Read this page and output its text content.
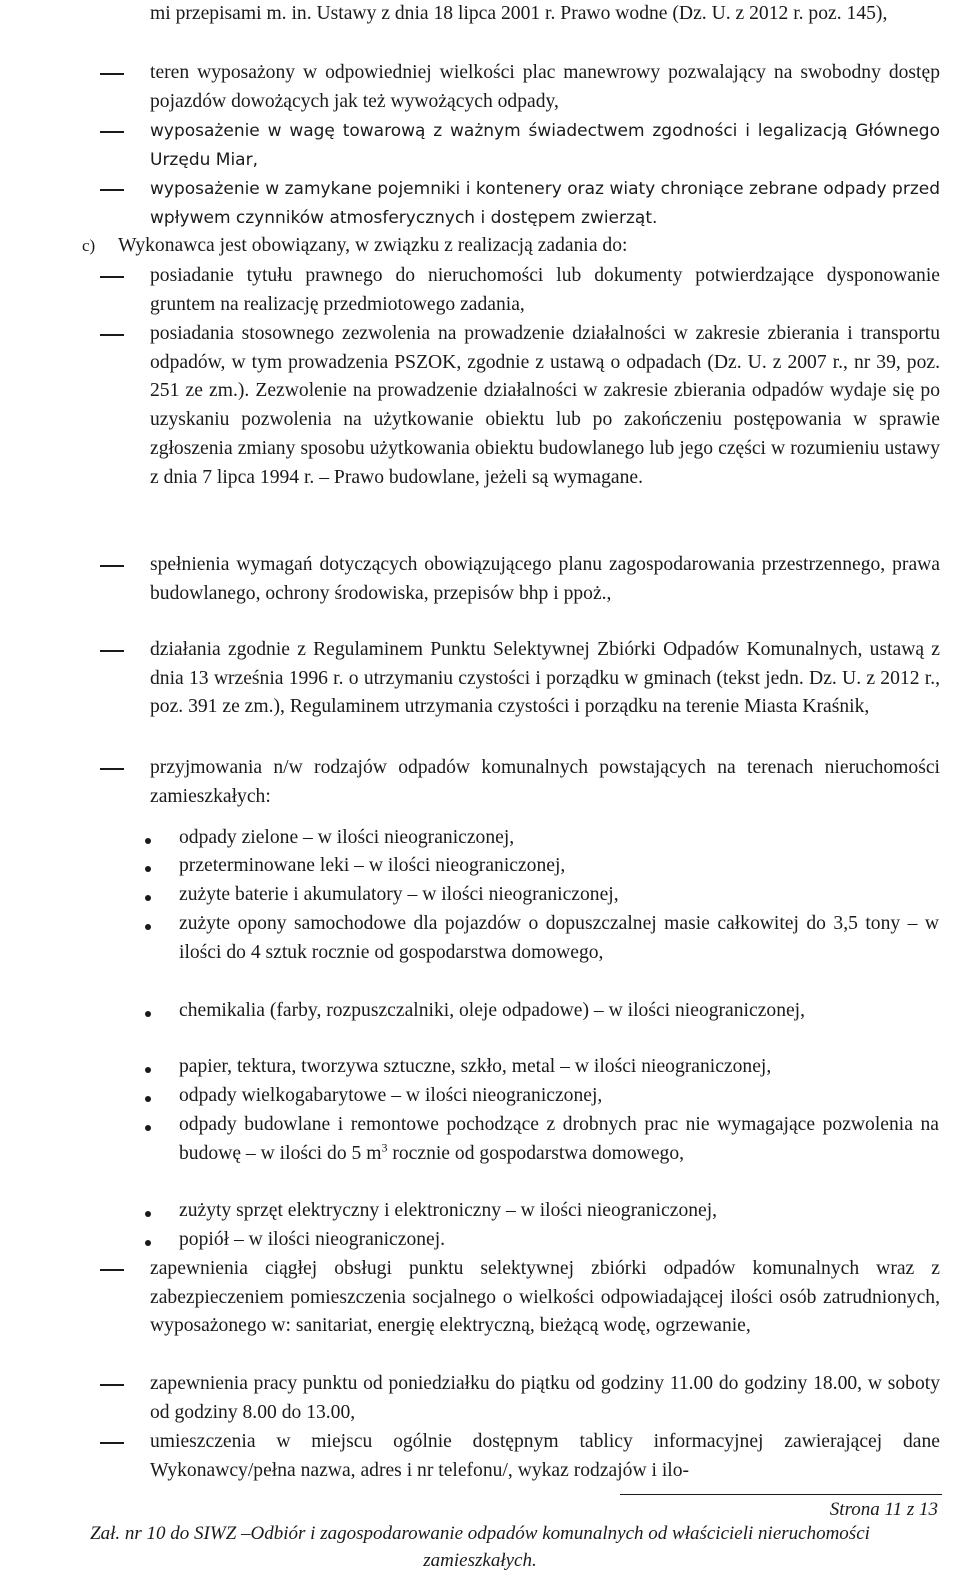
mi przepisami m. in. Ustawy z dnia 18 lipca 2001 r. Prawo wodne (Dz. U. z 2012 r. poz. 145),
teren wyposażony w odpowiedniej wielkości plac manewrowy pozwalający na swobodny dostęp pojazdów dowożących jak też wywożących odpady,
wyposażenie w wagę towarową z ważnym świadectwem zgodności i legalizacją Głównego Urzędu Miar,
wyposażenie w zamykane pojemniki i kontenery oraz wiaty chroniące zebrane odpady przed wpływem czynników atmosferycznych i dostępem zwierząt.
c) Wykonawca jest obowiązany, w związku z realizacją zadania do:
posiadanie tytułu prawnego do nieruchomości lub dokumenty potwierdzające dysponowanie gruntem na realizację przedmiotowego zadania,
posiadania stosownego zezwolenia na prowadzenie działalności w zakresie zbierania i transportu odpadów, w tym prowadzenia PSZOK, zgodnie z ustawą o odpadach (Dz. U. z 2007 r., nr 39, poz. 251 ze zm.). Zezwolenie na prowadzenie działalności w zakresie zbierania odpadów wydaje się po uzyskaniu pozwolenia na użytkowanie obiektu lub po zakończeniu postępowania w sprawie zgłoszenia zmiany sposobu użytkowania obiektu budowlanego lub jego części w rozumieniu ustawy z dnia 7 lipca 1994 r. – Prawo budowlane, jeżeli są wymagane.
spełnienia wymagań dotyczących obowiązującego planu zagospodarowania przestrzennego, prawa budowlanego, ochrony środowiska, przepisów bhp i ppoż.,
działania zgodnie z Regulaminem Punktu Selektywnej Zbiórki Odpadów Komunalnych, ustawą z dnia 13 września 1996 r. o utrzymaniu czystości i porządku w gminach (tekst jedn. Dz. U. z 2012 r., poz. 391 ze zm.), Regulaminem utrzymania czystości i porządku na terenie Miasta Kraśnik,
przyjmowania n/w rodzajów odpadów komunalnych powstających na terenach nieruchomości zamieszkałych:
odpady zielone – w ilości nieograniczonej,
przeterminowane leki – w ilości nieograniczonej,
zużyte baterie i akumulatory – w ilości nieograniczonej,
zużyte opony samochodowe dla pojazdów o dopuszczalnej masie całkowitej do 3,5 tony – w ilości do 4 sztuk rocznie od gospodarstwa domowego,
chemikalia (farby, rozpuszczalniki, oleje odpadowe) – w ilości nieograniczonej,
papier, tektura, tworzywa sztuczne, szkło, metal – w ilości nieograniczonej,
odpady wielkogabarytowe – w ilości nieograniczonej,
odpady budowlane i remontowe pochodzące z drobnych prac nie wymagające pozwolenia na budowę – w ilości do 5 $m^3$ rocznie od gospodarstwa domowego,
zużyty sprzęt elektryczny i elektroniczny – w ilości nieograniczonej,
popiół – w ilości nieograniczonej.
zapewnienia ciągłej obsługi punktu selektywnej zbiórki odpadów komunalnych wraz z zabezpieczeniem pomieszczenia socjalnego o wielkości odpowiadającej ilości osób zatrudnionych, wyposażonego w: sanitariat, energię elektryczną, bieżącą wodę, ogrzewanie,
zapewnienia pracy punktu od poniedziałku do piątku od godziny 11.00 do godziny 18.00, w soboty od godziny 8.00 do 13.00,
umieszczenia w miejscu ogólnie dostępnym tablicy informacyjnej zawierającej dane Wykonawcy/pełna nazwa, adres i nr telefonu/, wykaz rodzajów i ilo-
Strona 11 z 13
Zał. nr 10 do SIWZ –Odbiór i zagospodarowanie odpadów komunalnych od właścicieli nieruchomości zamieszkałych.
